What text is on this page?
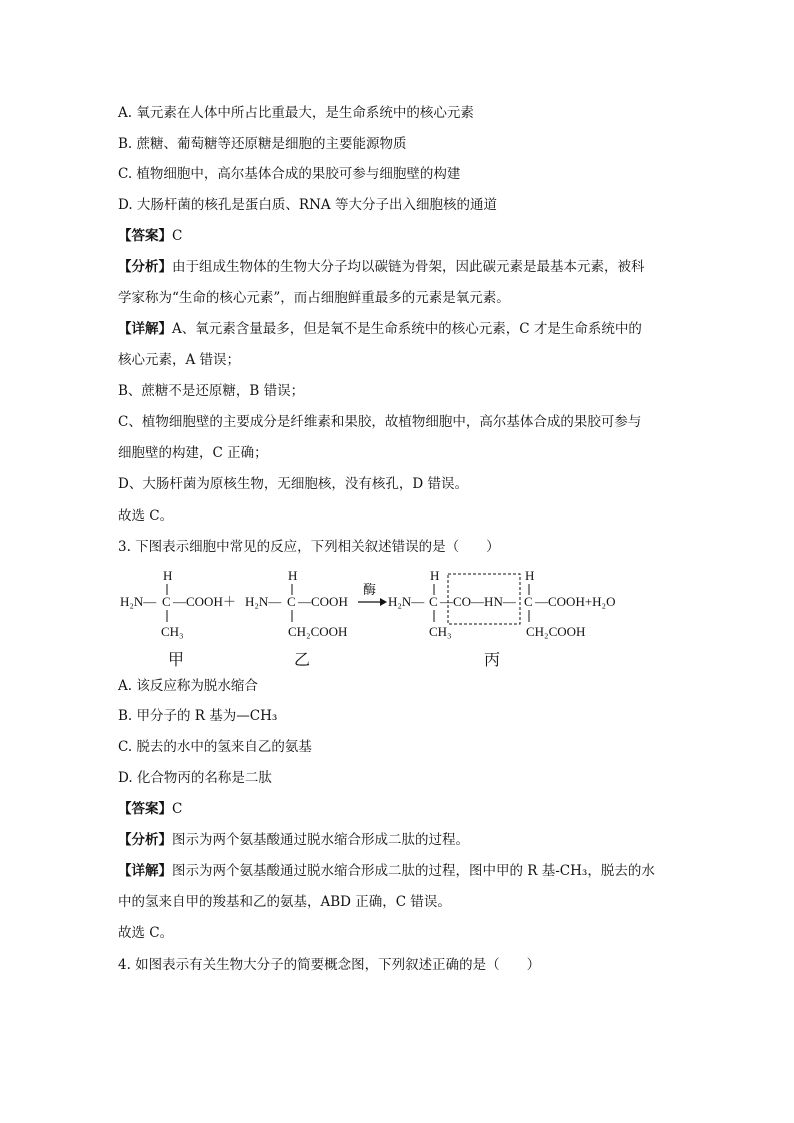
A. 氧元素在人体中所占比重最大，是生命系统中的核心元素
B. 蔗糖、葡萄糖等还原糖是细胞的主要能源物质
C. 植物细胞中，高尔基体合成的果胶可参与细胞壁的构建
D. 大肠杆菌的核孔是蛋白质、RNA 等大分子出入细胞核的通道
【答案】C
【分析】由于组成生物体的生物大分子均以碳链为骨架，因此碳元素是最基本元素，被科
学家称为“生命的核心元素”，而占细胞鲜重最多的元素是氧元素。
【详解】A、氧元素含量最多，但是氧不是生命系统中的核心元素，C 才是生命系统中的
核心元素，A 错误；
B、蔗糖不是还原糖，B 错误；
C、植物细胞壁的主要成分是纤维素和果胶，故植物细胞中，高尔基体合成的果胶可参与
细胞壁的构建，C 正确；
D、大肠杆菌为原核生物，无细胞核，没有核孔，D 错误。
故选 C。
3. 下图表示细胞中常见的反应，下列相关叙述错误的是（　　）
H
H₂N— C —COOH＋
CH₃
甲
H
H₂N— C —COOH
CH₂COOH
乙
酶
H₂N—
H
C
CH₃
—CO—HN—
H
C —COOH+H₂O
CH₂COOH
丙
A. 该反应称为脱水缩合
B. 甲分子的 R 基为—CH₃
C. 脱去的水中的氢来自乙的氨基
D. 化合物丙的名称是二肽
【答案】C
【分析】图示为两个氨基酸通过脱水缩合形成二肽的过程。
【详解】图示为两个氨基酸通过脱水缩合形成二肽的过程，图中甲的 R 基-CH₃，脱去的水
中的氢来自甲的羧基和乙的氨基，ABD 正确，C 错误。
故选 C。
4. 如图表示有关生物大分子的简要概念图，下列叙述正确的是（　　）
